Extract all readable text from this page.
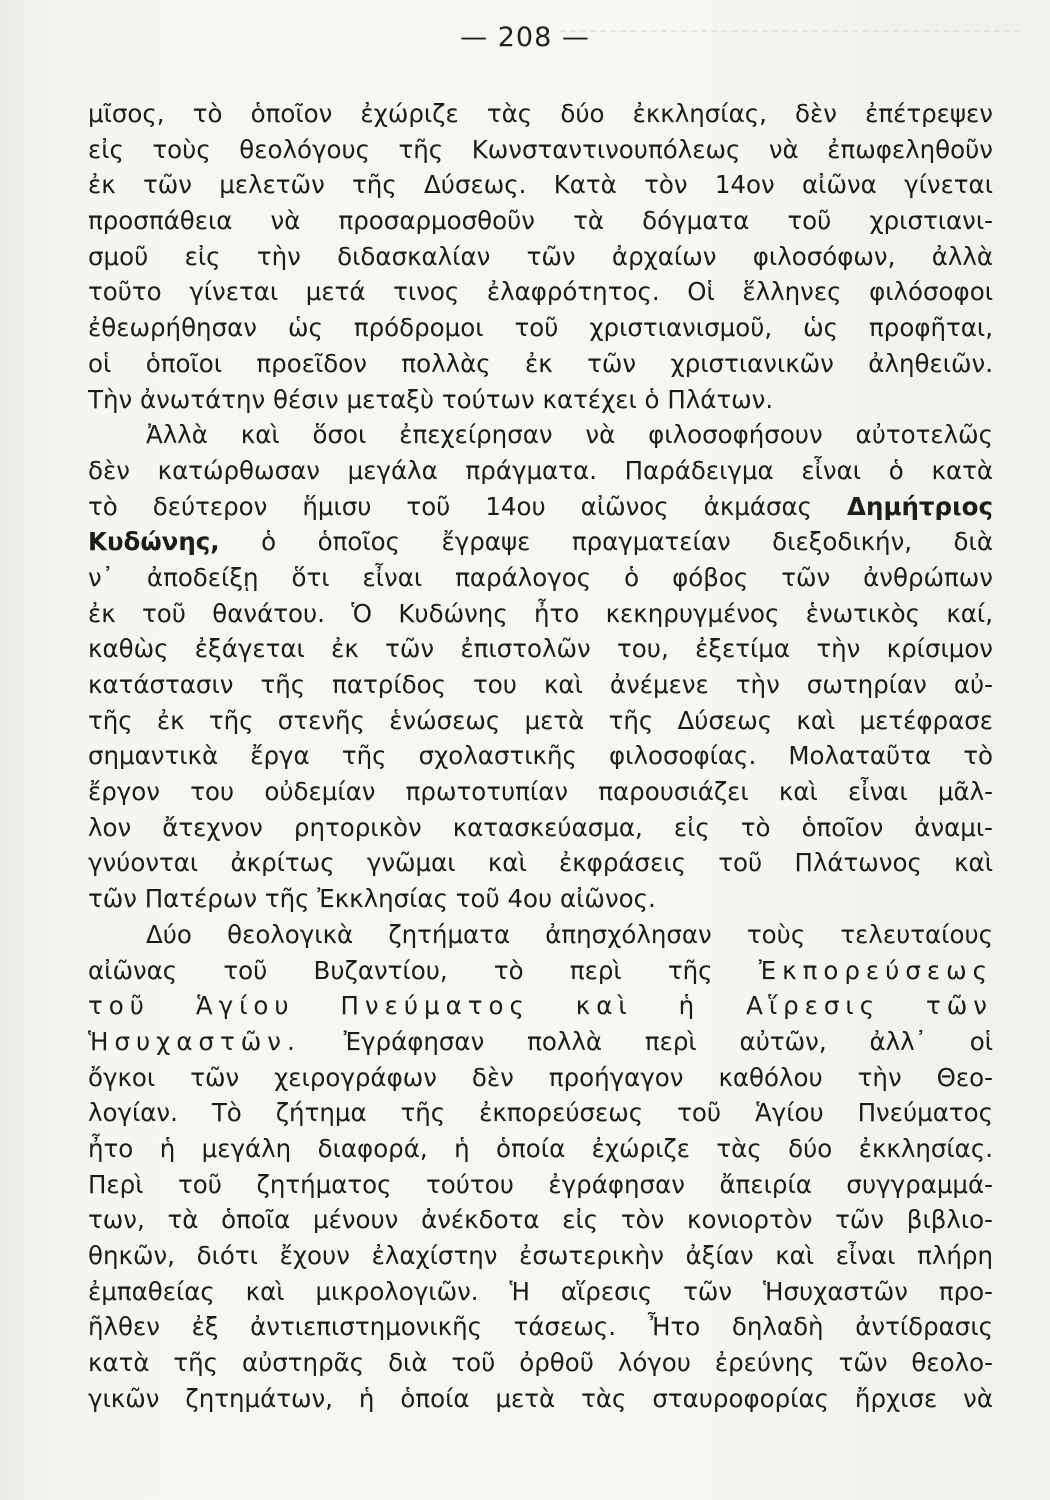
— 208 —
μῖσος, τὸ ὁποῖον ἐχώριζε τὰς δύο ἐκκλησίας, δὲν ἐπέτρεψεν
εἰς τοὺς θεολόγους τῆς Κωνσταντινουπόλεως νὰ ἐπωφεληθοῦν
ἐκ τῶν μελετῶν τῆς Δύσεως. Κατὰ τὸν 14ον αἰῶνα γίνεται
προσπάθεια νὰ προσαρμοσθοῦν τὰ δόγματα τοῦ χριστιανι-
σμοῦ εἰς τὴν διδασκαλίαν τῶν ἀρχαίων φιλοσόφων, ἀλλὰ
τοῦτο γίνεται μετά τινος ἐλαφρότητος. Οἱ ἕλληνες φιλόσοφοι
ἐθεωρήθησαν ὡς πρόδρομοι τοῦ χριστιανισμοῦ, ὡς προφῆται,
οἱ ὁποῖοι προεῖδον πολλὰς ἐκ τῶν χριστιανικῶν ἀληθειῶν.
Τὴν ἀνωτάτην θέσιν μεταξὺ τούτων κατέχει ὁ Πλάτων.
Ἀλλὰ καὶ ὅσοι ἐπεχείρησαν νὰ φιλοσοφήσουν αὐτοτελῶς
δὲν κατώρθωσαν μεγάλα πράγματα. Παράδειγμα εἶναι ὁ κατὰ
τὸ δεύτερον ἥμισυ τοῦ 14ου αἰῶνος ἀκμάσας Δημήτριος
Κυδώνης, ὁ ὁποῖος ἔγραψε πραγματείαν διεξοδικήν, διὰ
ν᾿ ἀποδείξῃ ὅτι εἶναι παράλογος ὁ φόβος τῶν ἀνθρώπων
ἐκ τοῦ θανάτου. Ὁ Κυδώνης ἦτο κεκηρυγμένος ἑνωτικὸς καί,
καθὼς ἐξάγεται ἐκ τῶν ἐπιστολῶν του, ἐξετίμα τὴν κρίσιμον
κατάστασιν τῆς πατρίδος του καὶ ἀνέμενε τὴν σωτηρίαν αὐ-
τῆς ἐκ τῆς στενῆς ἑνώσεως μετὰ τῆς Δύσεως καὶ μετέφρασε
σημαντικὰ ἔργα τῆς σχολαστικῆς φιλοσοφίας. Μολαταῦτα τὸ
ἔργον του οὐδεμίαν πρωτοτυπίαν παρουσιάζει καὶ εἶναι μᾶλ-
λον ἄτεχνον ρητορικὸν κατασκεύασμα, εἰς τὸ ὁποῖον ἀναμι-
γνύονται ἀκρίτως γνῶμαι καὶ ἐκφράσεις τοῦ Πλάτωνος καὶ
τῶν Πατέρων τῆς Ἐκκλησίας τοῦ 4ου αἰῶνος.
Δύο θεολογικὰ ζητήματα ἀπησχόλησαν τοὺς τελευταίους
αἰῶνας τοῦ Βυζαντίου, τὸ περὶ τῆς Ἐκπορεύσεως
τοῦ Ἁγίου Πνεύματος καὶ ἡ Αἵρεσις τῶν
Ἡσυχαστῶν. Ἐγράφησαν πολλὰ περὶ αὐτῶν, ἀλλ᾿ οἱ
ὄγκοι τῶν χειρογράφων δὲν προήγαγον καθόλου τὴν Θεο-
λογίαν. Τὸ ζήτημα τῆς ἐκπορεύσεως τοῦ Ἁγίου Πνεύματος
ἦτο ἡ μεγάλη διαφορά, ἡ ὁποία ἐχώριζε τὰς δύο ἐκκλησίας.
Περὶ τοῦ ζητήματος τούτου ἐγράφησαν ἄπειρία συγγραμμά-
των, τὰ ὁποῖα μένουν ἀνέκδοτα εἰς τὸν κονιορτὸν τῶν βιβλιο-
θηκῶν, διότι ἔχουν ἐλαχίστην ἐσωτερικὴν ἀξίαν καὶ εἶναι πλήρη
ἐμπαθείας καὶ μικρολογιῶν. Ἡ αἵρεσις τῶν Ἡσυχαστῶν προ-
ῆλθεν ἐξ ἀντιεπιστημονικῆς τάσεως. Ἦτο δηλαδὴ ἀντίδρασις
κατὰ τῆς αὐστηρᾶς διὰ τοῦ ὀρθοῦ λόγου ἐρεύνης τῶν θεολο-
γικῶν ζητημάτων, ἡ ὁποία μετὰ τὰς σταυροφορίας ἤρχισε νὰ
